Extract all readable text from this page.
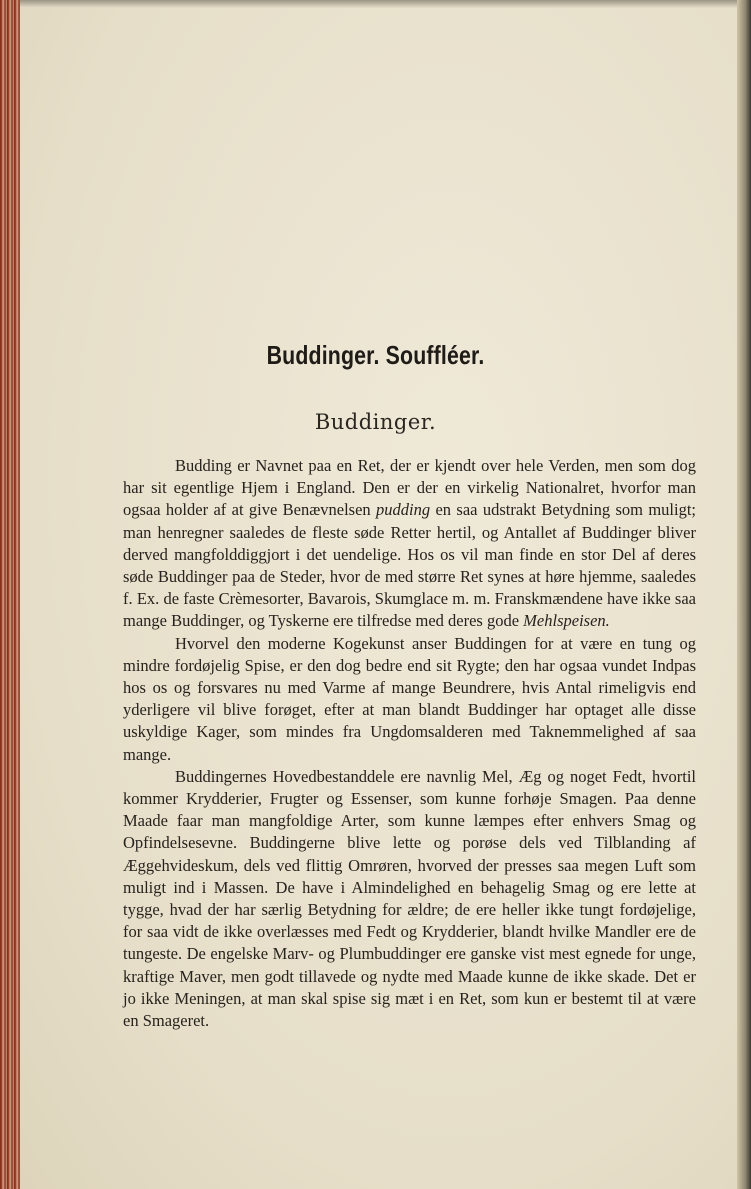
Buddinger. Souffléer.
Buddinger.

Budding er Navnet paa en Ret, der er kjendt over hele Verden, men som dog har sit egentlige Hjem i England. Den er der en virkelig Nationalret, hvorfor man ogsaa holder af at give Benævnelsen pudding en saa udstrakt Betydning som muligt; man henregner saaledes de fleste søde Retter hertil, og Antallet af Buddinger bliver derved mangfolddiggjort i det uendelige. Hos os vil man finde en stor Del af deres søde Buddinger paa de Steder, hvor de med større Ret synes at høre hjemme, saaledes f. Ex. de faste Crèmesorter, Bavarois, Skumglace m. m. Franskmændene have ikke saa mange Buddinger, og Tyskerne ere tilfredse med deres gode Mehlspeisen.

Hvorvel den moderne Kogekunst anser Buddingen for at være en tung og mindre fordøjelig Spise, er den dog bedre end sit Rygte; den har ogsaa vundet Indpas hos os og forsvares nu med Varme af mange Beundrere, hvis Antal rimeligvis end yderligere vil blive forøget, efter at man blandt Buddinger har optaget alle disse uskyldige Kager, som mindes fra Ungdomsalderen med Taknemmelighed af saa mange.

Buddingernes Hovedbestanddele ere navnlig Mel, Æg og noget Fedt, hvortil kommer Krydderier, Frugter og Essenser, som kunne forhøje Smagen. Paa denne Maade faar man mangfoldige Arter, som kunne læmpes efter enhvers Smag og Opfindelsesevne. Buddingerne blive lette og porøse dels ved Tilblanding af Æggehvideskum, dels ved flittig Omrøren, hvorved der presses saa megen Luft som muligt ind i Massen. De have i Almindelighed en behagelig Smag og ere lette at tygge, hvad der har særlig Betydning for ældre; de ere heller ikke tungt fordøjelige, for saa vidt de ikke overlæsses med Fedt og Krydderier, blandt hvilke Mandler ere de tungeste. De engelske Marv- og Plumbuddinger ere ganske vist mest egnede for unge, kraftige Maver, men godt tillavede og nydte med Maade kunne de ikke skade. Det er jo ikke Meningen, at man skal spise sig mæt i en Ret, som kun er bestemt til at være en Smageret.
